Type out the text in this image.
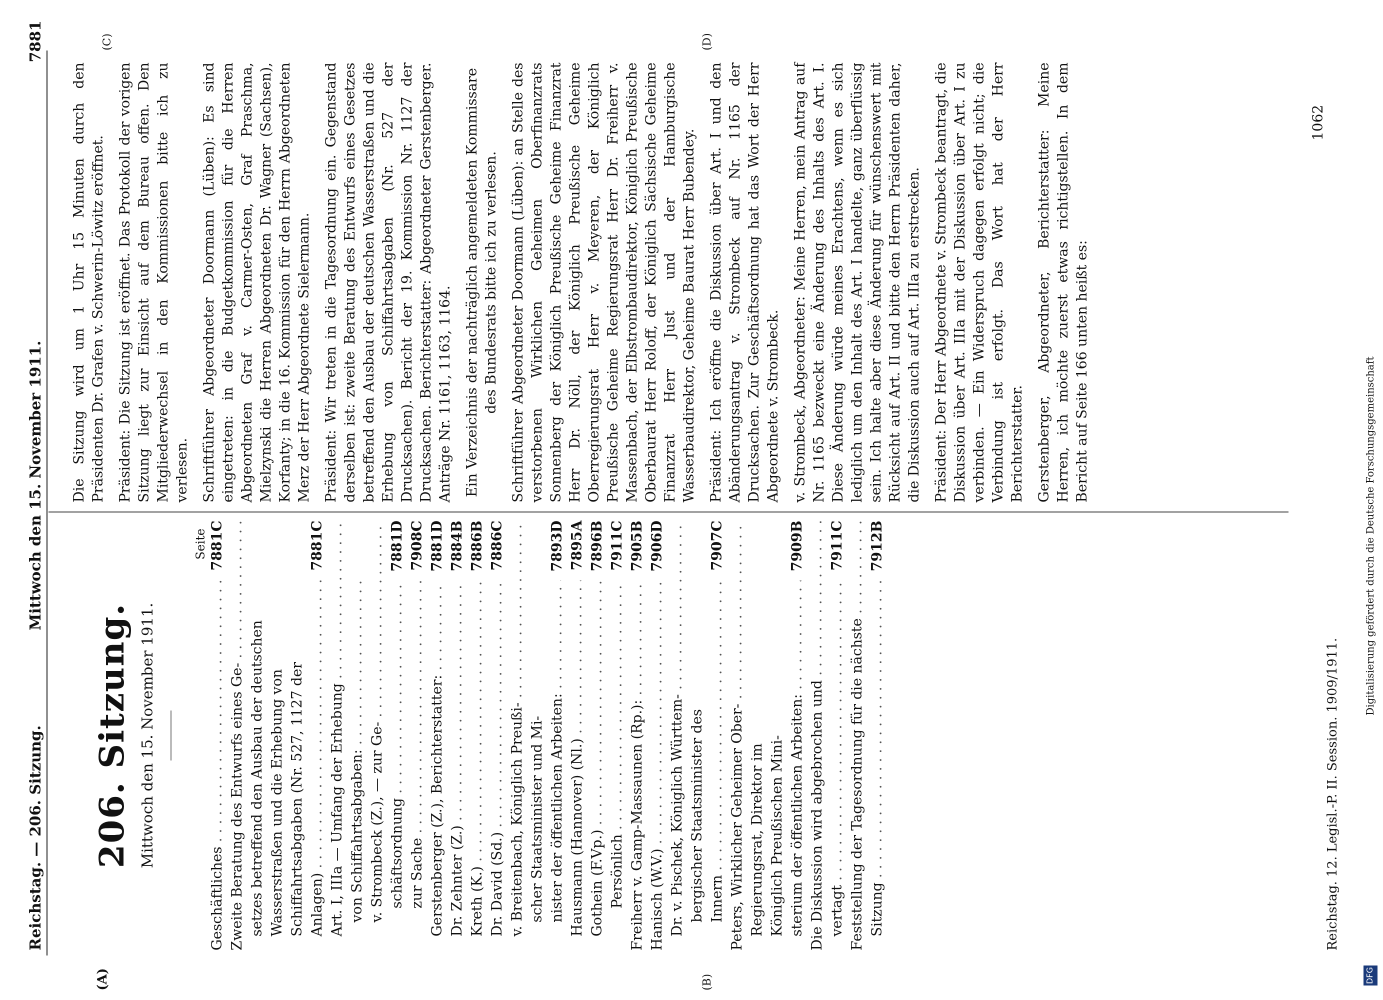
Reichstag. — 206. Sitzung.
Mittwoch den 15. November 1911.
7881
(A)	(B)
(C)	(D)
206. Sitzung. Mittwoch den 15. November 1911.
Seite
Geschäftliches . . .
7881C
Zweite Beratung des Entwurfs eines Ge- . . . setzes betreffend den Ausbau der deutschen Wasserstraßen und die Erhebung von Schiffahrtsabgaben (Nr. 527, 1127 der Anlagen) . . .
7881C
Art. I, IIIa — Umfang der Erhebung . . . von Schiffahrtsabgaben: . . . v. Strombeck (Z.), — zur Ge- . . . schäftsordnung . . .
7881D
zur Sache . . .
7908C
Gerstenberger (Z.), Berichterstatter: . . .
7881D
Dr. Zehnter (Z.) . . .
7884B
Kreth (K.) . . .
7886B
Dr. David (Sd.) . . .
7886C
v. Breitenbach, Königlich Preußi- . . . scher Staatsminister und Mi- nister der öffentlichen Arbeiten: . . .
7893D
Hausmann (Hannover) (Nl.) . . .
7895A
Gothein (F.Vp.) . . .
7896B
Persönlich . . .
7911C
Freiherr v. Gamp-Massaunen (Rp.): . . .
7905B
Hanisch (W.V.) . . .
7906D
Dr. v. Pischek, Königlich Württem- . . . bergischer Staatsminister des Innern . . .
7907C
Peters, Wirklicher Geheimer Ober- . . . Regierungsrat, Direktor im Königlich Preußischen Mini- sterium der öffentlichen Arbeiten: . . .
7909B
Die Diskussion wird abgebrochen und . . . vertagt . . .
7911C
Feststellung der Tagesordnung für die nächste . . . Sitzung . . .
7912B

Die Sitzung wird um 1 Uhr 15 Minuten durch den Präsidenten Dr. Grafen v. Schwerin-Löwitz eröffnet. Präsident: Die Sitzung ist eröffnet. Das Protokoll der vorigen Sitzung liegt zur Einsicht auf dem Bureau offen. Den Mitgliederwechsel in den Kommissionen bitte ich zu verlesen. Schriftführer Abgeordneter Doormann (Lüben): Es sind eingetreten: in die Budgetkommission für die Herren Abgeordneten Graf v. Carmer-Osten, Graf Praschma, Mielzynski die Herren Abgeordneten Dr. Wagner (Sachsen), Korfanty; in die 16. Kommission für den Herrn Abgeordneten Merz der Herr Abgeordnete Sielermann. Präsident: Wir treten in die Tagesordnung ein. Gegenstand derselben ist: zweite Beratung des Entwurfs eines Gesetzes betreffend den Ausbau der deutschen Wasserstraßen und die Erhebung von Schiffahrtsabgaben (Nr. 527 der Drucksachen). Bericht der 19. Kommission Nr. 1127 der Drucksachen. Berichterstatter: Abgeordneter Gerstenberger. Anträge Nr. 1161, 1163, 1164. Ein Verzeichnis der nachträglich angemeldeten Kommissare des Bundesrats bitte ich zu verlesen. Schriftführer Abgeordneter Doormann (Lüben): an Stelle des verstorbenen Wirklichen Geheimen Oberfinanzrats Sonnenberg der Königlich Preußische Geheime Finanzrat Herr Dr. Nöll, der Königlich Preußische Geheime Oberregierungsrat Herr v. Meyeren, der Königlich Preußische Geheime Regierungsrat Herr Dr. Freiherr v. Massenbach, der Elbstrombaudirektor, Königlich Preußische Oberbaurat Herr Roloff, der Königlich Sächsische Geheime Finanzrat Herr Just und der Hamburgische Wasserbaudirektor, Geheime Baurat Herr Bubendey. Präsident: Ich eröffne die Diskussion über Art. I und den Abänderungsantrag v. Strombeck auf Nr. 1165 der Drucksachen. Zur Geschäftsordnung hat das Wort der Herr Abgeordnete v. Strombeck. v. Strombeck, Abgeordneter: Meine Herren, mein Antrag auf Nr. 1165 bezweckt eine Änderung des Inhalts des Art. I. Diese Änderung würde meines Erachtens, wenn es sich lediglich um den Inhalt des Art. I handelte, ganz überflüssig sein. Ich halte aber diese Änderung für wünschenswert mit Rücksicht auf Art. II und bitte den Herrn Präsidenten daher, die Diskussion auch auf Art. IIIa zu erstrecken. Präsident: Der Herr Abgeordnete v. Strombeck beantragt, die Diskussion über Art. IIIa mit der Diskussion über Art. I zu verbinden. — Ein Widerspruch dagegen erfolgt nicht; die Verbindung ist erfolgt. Das Wort hat der Herr Berichterstatter. Gerstenberger, Abgeordneter, Berichterstatter: Meine Herren, ich möchte zuerst etwas richtigstellen. In dem Bericht auf Seite 166 unten heißt es:

Reichstag. 12. Legisl.-P. II. Session. 1909/1911.
1062
DFG
Digitalisierung gefördert durch die Deutsche Forschungsgemeinschaft
